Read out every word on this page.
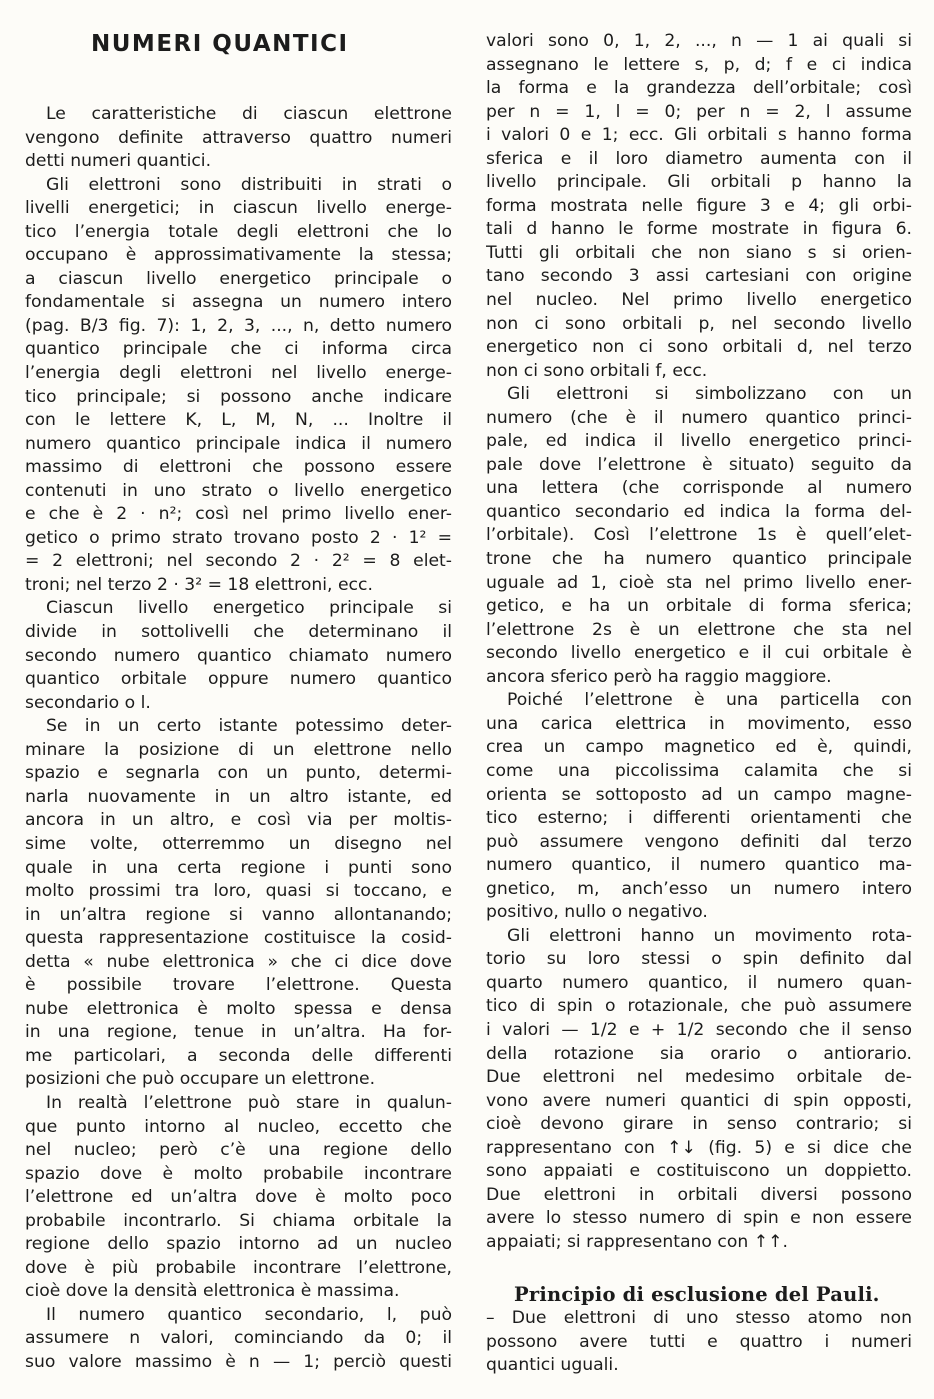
NUMERI QUANTICI
Le caratteristiche di ciascun elettrone
vengono definite attraverso quattro numeri
detti numeri quantici.
Gli elettroni sono distribuiti in strati o
livelli energetici; in ciascun livello energe-
tico l’energia totale degli elettroni che lo
occupano è approssimativamente la stessa;
a ciascun livello energetico principale o
fondamentale si assegna un numero intero
(pag. B/3 fig. 7): 1, 2, 3, ..., n, detto numero
quantico principale che ci informa circa
l’energia degli elettroni nel livello energe-
tico principale; si possono anche indicare
con le lettere K, L, M, N, ... Inoltre il
numero quantico principale indica il numero
massimo di elettroni che possono essere
contenuti in uno strato o livello energetico
e che è 2 · n²; così nel primo livello ener-
getico o primo strato trovano posto 2 · 1² =
= 2 elettroni; nel secondo 2 · 2² = 8 elet-
troni; nel terzo 2 · 3² = 18 elettroni, ecc.
Ciascun livello energetico principale si
divide in sottolivelli che determinano il
secondo numero quantico chiamato numero
quantico orbitale oppure numero quantico
secondario o l.
Se in un certo istante potessimo deter-
minare la posizione di un elettrone nello
spazio e segnarla con un punto, determi-
narla nuovamente in un altro istante, ed
ancora in un altro, e così via per moltis-
sime volte, otterremmo un disegno nel
quale in una certa regione i punti sono
molto prossimi tra loro, quasi si toccano, e
in un’altra regione si vanno allontanando;
questa rappresentazione costituisce la cosid-
detta « nube elettronica » che ci dice dove
è possibile trovare l’elettrone. Questa
nube elettronica è molto spessa e densa
in una regione, tenue in un’altra. Ha for-
me particolari, a seconda delle differenti
posizioni che può occupare un elettrone.
In realtà l’elettrone può stare in qualun-
que punto intorno al nucleo, eccetto che
nel nucleo; però c’è una regione dello
spazio dove è molto probabile incontrare
l’elettrone ed un’altra dove è molto poco
probabile incontrarlo. Si chiama orbitale la
regione dello spazio intorno ad un nucleo
dove è più probabile incontrare l’elettrone,
cioè dove la densità elettronica è massima.
Il numero quantico secondario, l, può
assumere n valori, cominciando da 0; il
suo valore massimo è n — 1; perciò questi
valori sono 0, 1, 2, ..., n — 1 ai quali si
assegnano le lettere s, p, d; f e ci indica
la forma e la grandezza dell’orbitale; così
per n = 1, l = 0; per n = 2, l assume
i valori 0 e 1; ecc. Gli orbitali s hanno forma
sferica e il loro diametro aumenta con il
livello principale. Gli orbitali p hanno la
forma mostrata nelle figure 3 e 4; gli orbi-
tali d hanno le forme mostrate in figura 6.
Tutti gli orbitali che non siano s si orien-
tano secondo 3 assi cartesiani con origine
nel nucleo. Nel primo livello energetico
non ci sono orbitali p, nel secondo livello
energetico non ci sono orbitali d, nel terzo
non ci sono orbitali f, ecc.
Gli elettroni si simbolizzano con un
numero (che è il numero quantico princi-
pale, ed indica il livello energetico princi-
pale dove l’elettrone è situato) seguito da
una lettera (che corrisponde al numero
quantico secondario ed indica la forma del-
l’orbitale). Così l’elettrone 1s è quell’elet-
trone che ha numero quantico principale
uguale ad 1, cioè sta nel primo livello ener-
getico, e ha un orbitale di forma sferica;
l’elettrone 2s è un elettrone che sta nel
secondo livello energetico e il cui orbitale è
ancora sferico però ha raggio maggiore.
Poiché l’elettrone è una particella con
una carica elettrica in movimento, esso
crea un campo magnetico ed è, quindi,
come una piccolissima calamita che si
orienta se sottoposto ad un campo magne-
tico esterno; i differenti orientamenti che
può assumere vengono definiti dal terzo
numero quantico, il numero quantico ma-
gnetico, m, anch’esso un numero intero
positivo, nullo o negativo.
Gli elettroni hanno un movimento rota-
torio su loro stessi o spin definito dal
quarto numero quantico, il numero quan-
tico di spin o rotazionale, che può assumere
i valori — 1/2 e + 1/2 secondo che il senso
della rotazione sia orario o antiorario.
Due elettroni nel medesimo orbitale de-
vono avere numeri quantici di spin opposti,
cioè devono girare in senso contrario; si
rappresentano con ↑↓ (fig. 5) e si dice che
sono appaiati e costituiscono un doppietto.
Due elettroni in orbitali diversi possono
avere lo stesso numero di spin e non essere
appaiati; si rappresentano con ↑↑.
Principio di esclusione del Pauli.
– Due elettroni di uno stesso atomo non
possono avere tutti e quattro i numeri
quantici uguali.
